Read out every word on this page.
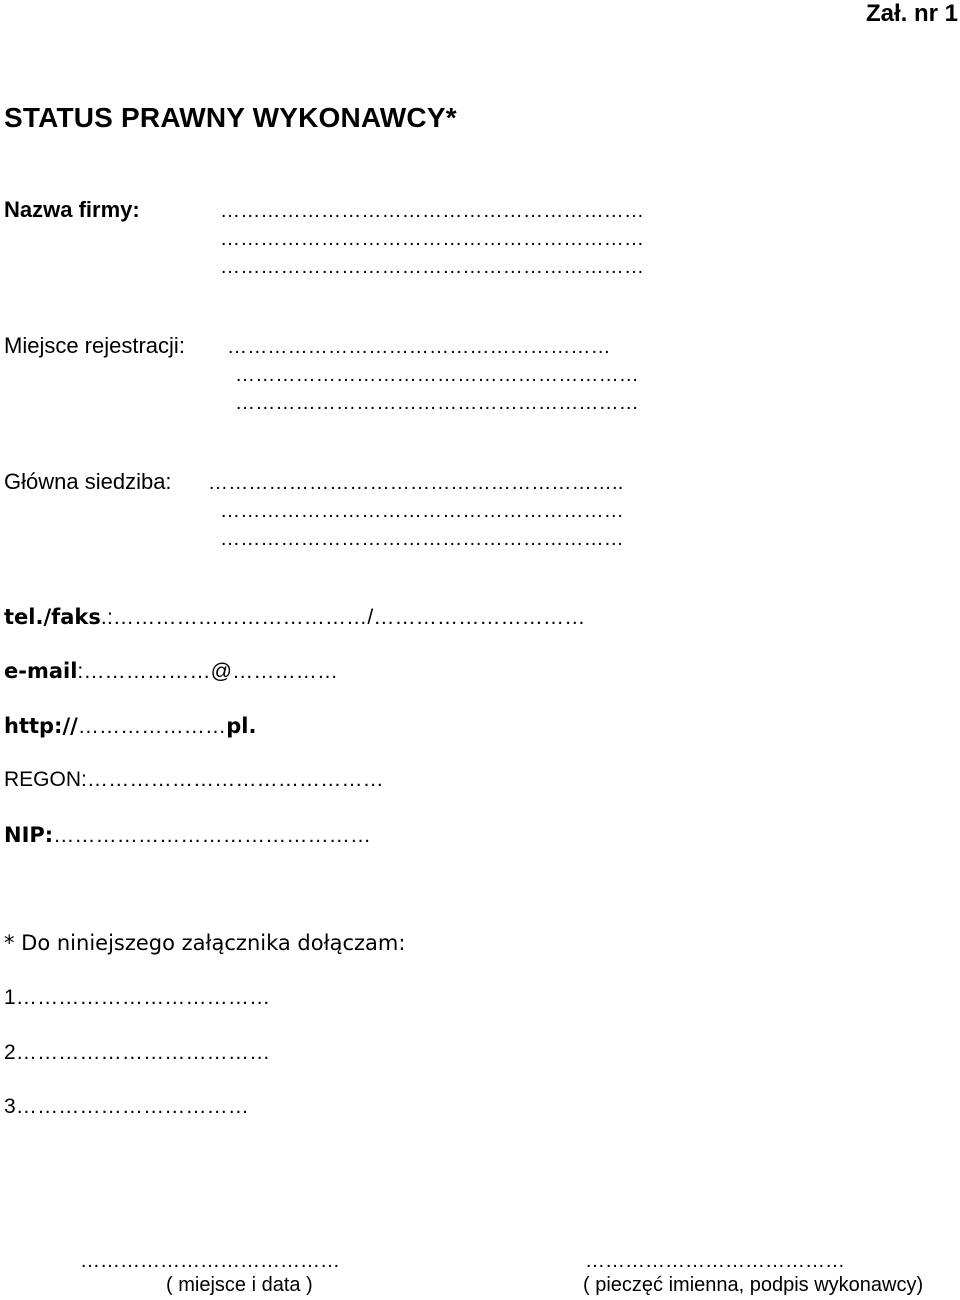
Zał. nr 1
STATUS PRAWNY WYKONAWCY*
Nazwa firmy:	………………………………………………………
………………………………………………………
………………………………………………………
Miejsce rejestracji: …………………………………………………
……………………………………………………
……………………………………………………
Główna siedziba: ……………………………………………………..
……………………………………………………
……………………………………………………
tel./faks.:………………………………/…………………………
e-mail:………………@……………
http://…………………pl.
REGON:……………………………………
NIP:………………………………………
* Do niniejszego załącznika dołączam:
1………………………………
2………………………………
3……………………………
…………………………………
( miejsce i data )
…………………………………
( pieczęć imienna, podpis wykonawcy)
